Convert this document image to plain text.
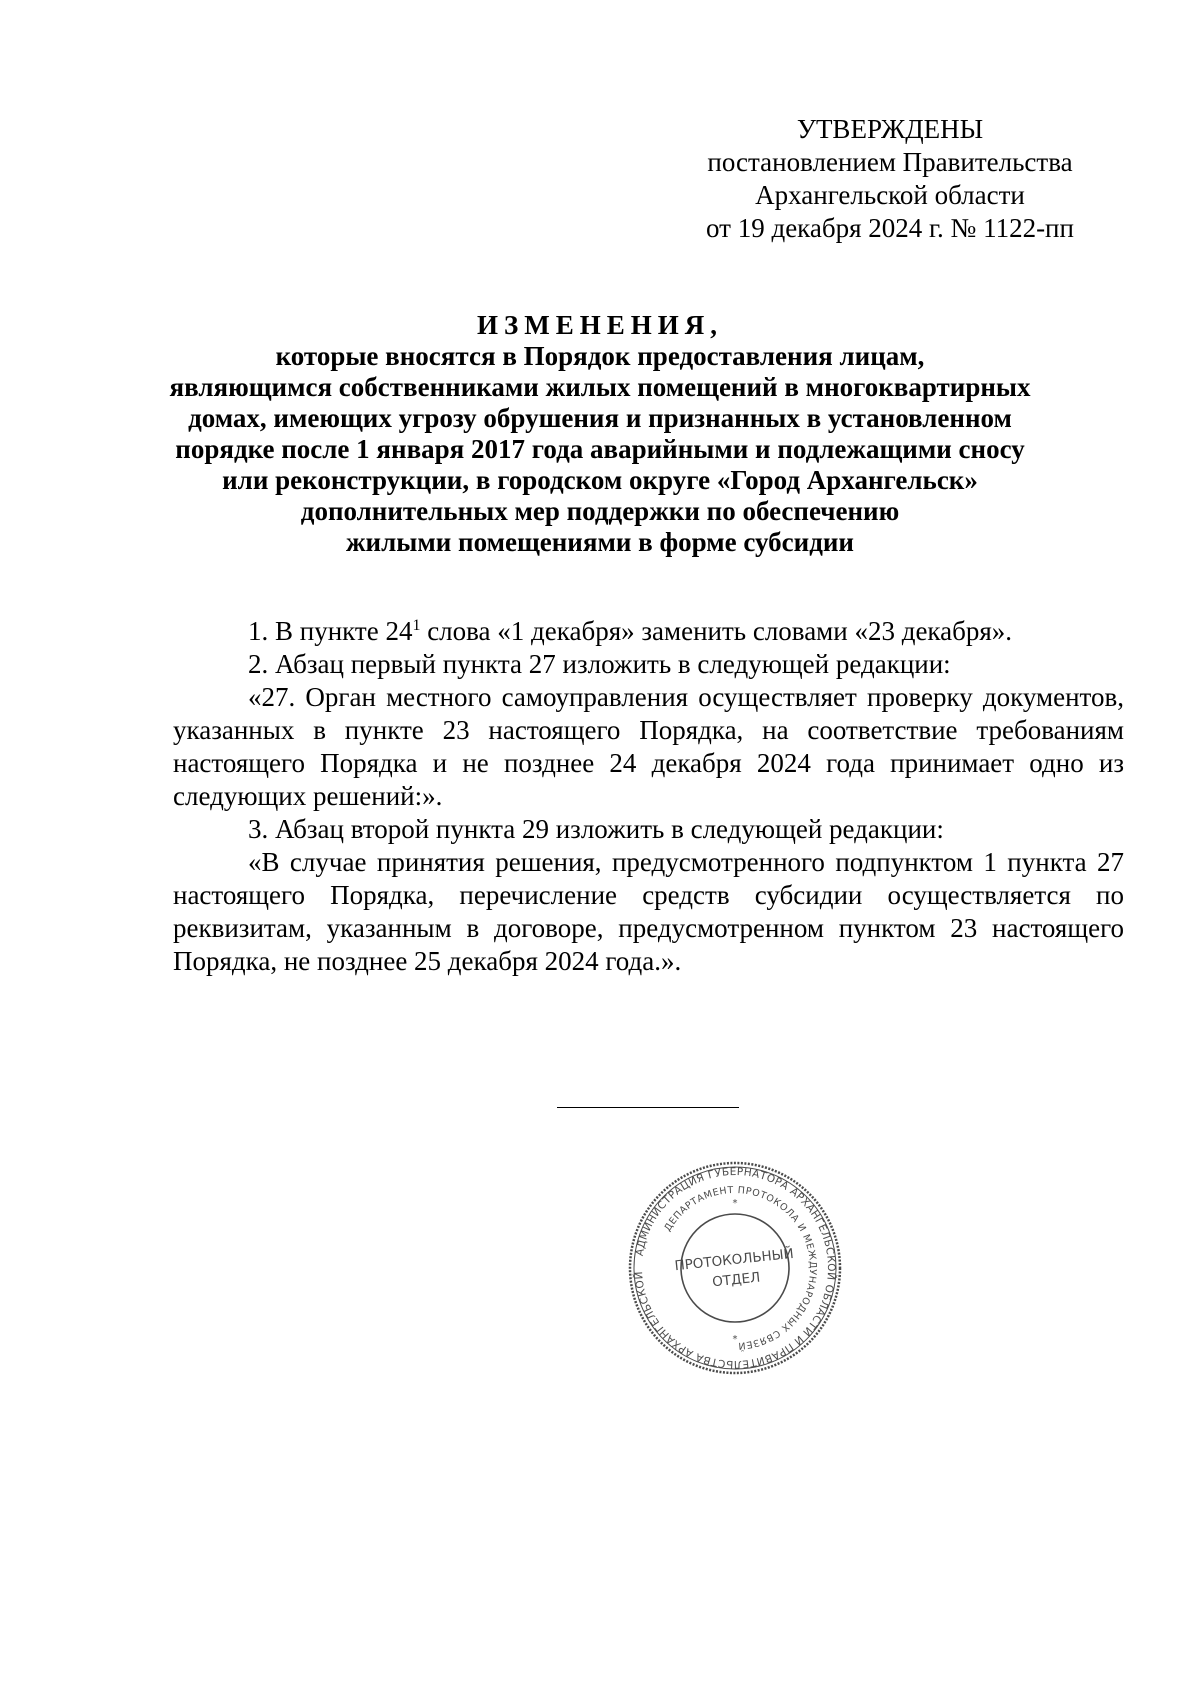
УТВЕРЖДЕНЫ
постановлением Правительства
Архангельской области
от 19 декабря 2024 г. № 1122-пп
ИЗМЕНЕНИЯ,
которые вносятся в Порядок предоставления лицам,
являющимся собственниками жилых помещений в многоквартирных
домах, имеющих угрозу обрушения и признанных в установленном
порядке после 1 января 2017 года аварийными и подлежащими сносу
или реконструкции, в городском округе «Город Архангельск»
дополнительных мер поддержки по обеспечению
жилыми помещениями в форме субсидии

1. В пункте $24^1$ слова «1 декабря» заменить словами «23 декабря».

2. Абзац первый пункта 27 изложить в следующей редакции:

«27. Орган местного самоуправления осуществляет проверку документов, указанных в пункте 23 настоящего Порядка, на соответствие требованиям настоящего Порядка и не позднее 24 декабря 2024 года принимает одно из следующих решений:».

3. Абзац второй пункта 29 изложить в следующей редакции:

«В случае принятия решения, предусмотренного подпунктом 1 пункта 27 настоящего Порядка, перечисление средств субсидии осуществляется по реквизитам, указанным в договоре, предусмотренном пунктом 23 настоящего Порядка, не позднее 25 декабря 2024 года.».

АДМИНИСТРАЦИЯ ГУБЕРНАТОРА АРХАНГЕЛЬСКОЙ ОБЛАСТИ И ПРАВИТЕЛЬСТВА АРХАНГЕЛЬСКОЙ
ДЕПАРТАМЕНТ ПРОТОКОЛА И МЕЖДУНАРОДНЫХ СВЯЗЕЙ
ПРОТОКОЛЬНЫЙ
ОТДЕЛ
*
*
